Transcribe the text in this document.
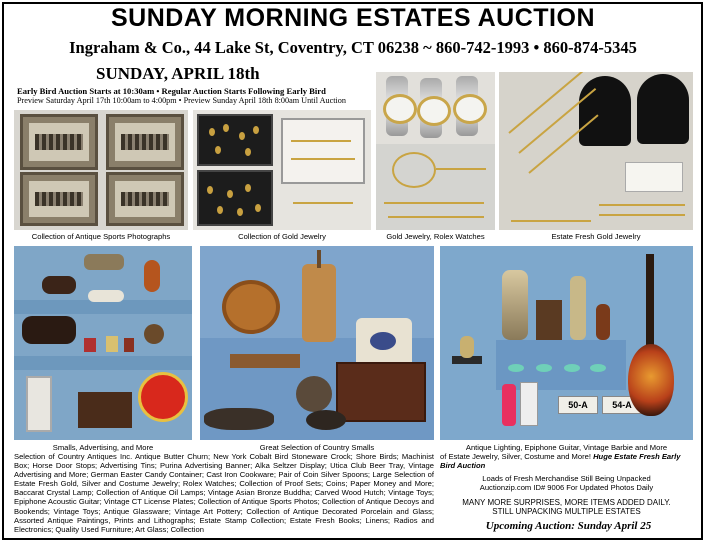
SUNDAY MORNING ESTATES AUCTION
Ingraham & Co., 44 Lake St, Coventry, CT 06238 ~ 860-742-1993 • 860-874-5345
SUNDAY, APRIL 18th
Early Bird Auction Starts at 10:30am • Regular Auction Starts Following Early Bird
Preview Saturday April 17th 10:00am to 4:00pm • Preview Sunday April 18th 8:00am Until Auction
Collection of Antique Sports Photographs	Collection of Gold Jewelry	Gold Jewelry, Rolex Watches	Estate Fresh Gold Jewelry
Smalls, Advertising, and More	Great Selection of Country Smalls
50-A	54-A
Antique Lighting, Epiphone Guitar, Vintage Barbie and More
Selection of Country Antiques Inc. Antique Butter Churn; New York Cobalt Bird Stoneware Crock; Shore Birds; Machinist Box; Horse Door Stops; Advertising Tins; Purina Advertising Banner; Alka Seltzer Display; Utica Club Beer Tray, Vintage Advertising and More; German Easter Candy Container; Cast Iron Cookware; Pair of Coin Silver Spoons; Large Selection of Estate Fresh Gold, Silver and Costume Jewelry; Rolex Watches; Collection of Proof Sets; Coins; Paper Money and More; Baccarat Crystal Lamp; Collection of Antique Oil Lamps; Vintage Asian Bronze Buddha; Carved Wood Hutch; Vintage Toys; Epiphone Acoustic Guitar; Vintage CT License Plates; Collection of Antique Sports Photos; Collection of Antique Decoys and Bookends; Vintage Toys; Antique Glassware; Vintage Art Pottery; Collection of Antique Decorated Porcelain and Glass; Assorted Antique Paintings, Prints and Lithographs; Estate Stamp Collection; Estate Fresh Books; Linens; Radios and Electronics; Quality Used Furniture; Art Glass; Collection
of Estate Jewelry, Silver, Costume and More! Huge Estate Fresh Early Bird Auction
Loads of Fresh Merchandise Still Being Unpacked
Auctionzip.com ID# 9006 For Updated Photos Daily
MANY MORE SURPRISES, MORE ITEMS ADDED DAILY.
STILL UNPACKING MULTIPLE ESTATES
Upcoming Auction: Sunday April 25
